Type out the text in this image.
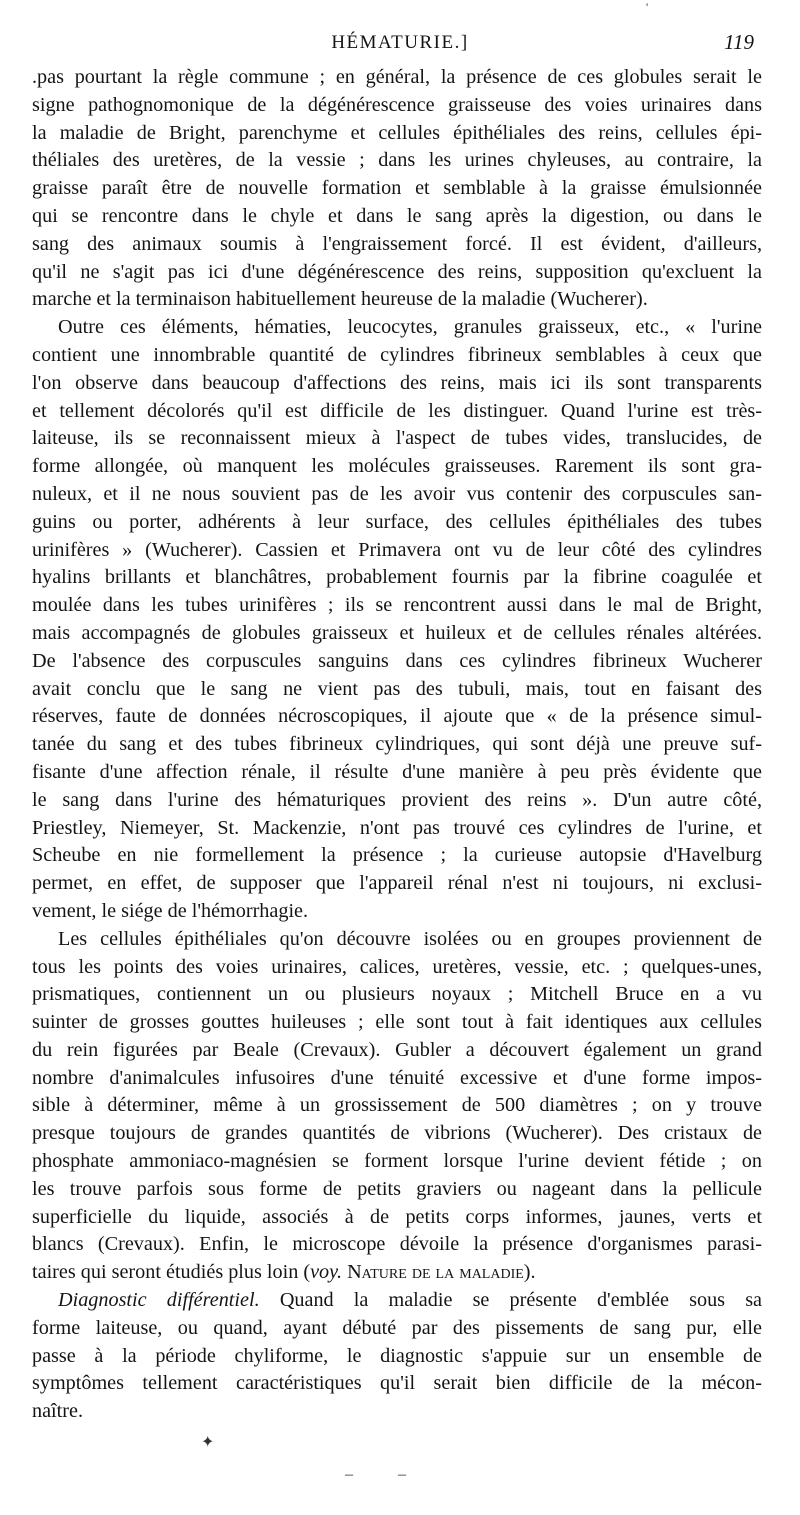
'
HÉMATURIE.]	119
.pas pourtant la règle commune ; en général, la présence de ces globules serait le
signe pathognomonique de la dégénérescence graisseuse des voies urinaires dans
la maladie de Bright, parenchyme et cellules épithéliales des reins, cellules épi-
théliales des uretères, de la vessie ; dans les urines chyleuses, au contraire, la
graisse paraît être de nouvelle formation et semblable à la graisse émulsionnée
qui se rencontre dans le chyle et dans le sang après la digestion, ou dans le
sang des animaux soumis à l'engraissement forcé. Il est évident, d'ailleurs,
qu'il ne s'agit pas ici d'une dégénérescence des reins, supposition qu'excluent la
marche et la terminaison habituellement heureuse de la maladie (Wucherer).
Outre ces éléments, hématies, leucocytes, granules graisseux, etc., « l'urine
contient une innombrable quantité de cylindres fibrineux semblables à ceux que
l'on observe dans beaucoup d'affections des reins, mais ici ils sont transparents
et tellement décolorés qu'il est difficile de les distinguer. Quand l'urine est très-
laiteuse, ils se reconnaissent mieux à l'aspect de tubes vides, translucides, de
forme allongée, où manquent les molécules graisseuses. Rarement ils sont gra-
nuleux, et il ne nous souvient pas de les avoir vus contenir des corpuscules san-
guins ou porter, adhérents à leur surface, des cellules épithéliales des tubes
urinifères » (Wucherer). Cassien et Primavera ont vu de leur côté des cylindres
hyalins brillants et blanchâtres, probablement fournis par la fibrine coagulée et
moulée dans les tubes urinifères ; ils se rencontrent aussi dans le mal de Bright,
mais accompagnés de globules graisseux et huileux et de cellules rénales altérées.
De l'absence des corpuscules sanguins dans ces cylindres fibrineux Wucherer
avait conclu que le sang ne vient pas des tubuli, mais, tout en faisant des
réserves, faute de données nécroscopiques, il ajoute que « de la présence simul-
tanée du sang et des tubes fibrineux cylindriques, qui sont déjà une preuve suf-
fisante d'une affection rénale, il résulte d'une manière à peu près évidente que
le sang dans l'urine des hématuriques provient des reins ». D'un autre côté,
Priestley, Niemeyer, St. Mackenzie, n'ont pas trouvé ces cylindres de l'urine, et
Scheube en nie formellement la présence ; la curieuse autopsie d'Havelburg
permet, en effet, de supposer que l'appareil rénal n'est ni toujours, ni exclusi-
vement, le siége de l'hémorrhagie.
Les cellules épithéliales qu'on découvre isolées ou en groupes proviennent de
tous les points des voies urinaires, calices, uretères, vessie, etc. ; quelques-unes,
prismatiques, contiennent un ou plusieurs noyaux ; Mitchell Bruce en a vu
suinter de grosses gouttes huileuses ; elle sont tout à fait identiques aux cellules
du rein figurées par Beale (Crevaux). Gubler a découvert également un grand
nombre d'animalcules infusoires d'une ténuité excessive et d'une forme impos-
sible à déterminer, même à un grossissement de 500 diamètres ; on y trouve
presque toujours de grandes quantités de vibrions (Wucherer). Des cristaux de
phosphate ammoniaco-magnésien se forment lorsque l'urine devient fétide ; on
les trouve parfois sous forme de petits graviers ou nageant dans la pellicule
superficielle du liquide, associés à de petits corps informes, jaunes, verts et
blancs (Crevaux). Enfin, le microscope dévoile la présence d'organismes parasi-
taires qui seront étudiés plus loin (voy. Nature de la maladie).
Diagnostic différentiel. Quand la maladie se présente d'emblée sous sa
forme laiteuse, ou quand, ayant débuté par des pissements de sang pur, elle
passe à la période chyliforme, le diagnostic s'appuie sur un ensemble de
symptômes tellement caractéristiques qu'il serait bien difficile de la mécon-
naître.
✦
–	–
